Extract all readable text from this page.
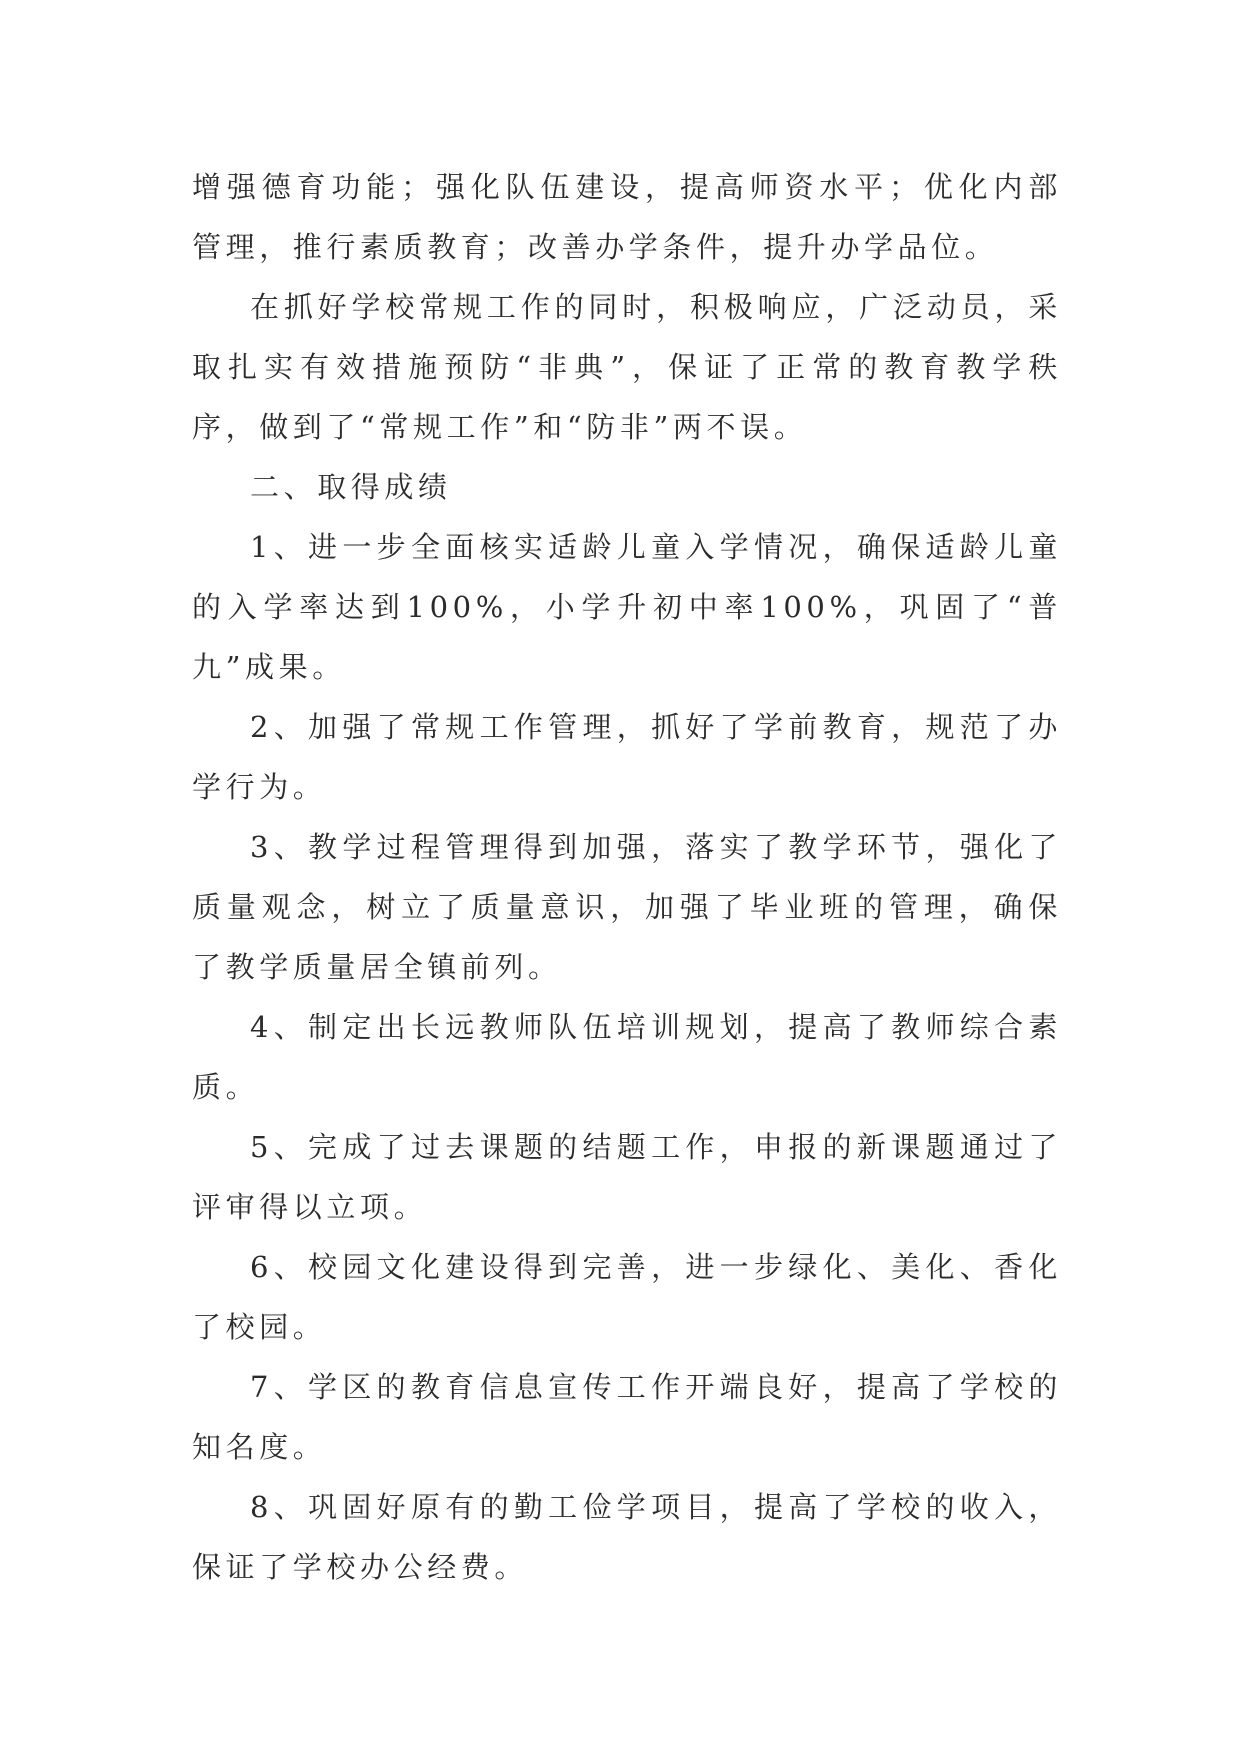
增强德育功能；强化队伍建设，提高师资水平；优化内部管理，推行素质教育；改善办学条件，提升办学品位。

在抓好学校常规工作的同时，积极响应，广泛动员，采取扎实有效措施预防“非典”，保证了正常的教育教学秩序，做到了“常规工作”和“防非”两不误。

二、取得成绩

1、进一步全面核实适龄儿童入学情况，确保适龄儿童的入学率达到100%，小学升初中率100%，巩固了“普九”成果。

2、加强了常规工作管理，抓好了学前教育，规范了办学行为。

3、教学过程管理得到加强，落实了教学环节，强化了质量观念，树立了质量意识，加强了毕业班的管理，确保了教学质量居全镇前列。

4、制定出长远教师队伍培训规划，提高了教师综合素质。

5、完成了过去课题的结题工作，申报的新课题通过了评审得以立项。

6、校园文化建设得到完善，进一步绿化、美化、香化了校园。

7、学区的教育信息宣传工作开端良好，提高了学校的知名度。

8、巩固好原有的勤工俭学项目，提高了学校的收入，保证了学校办公经费。
